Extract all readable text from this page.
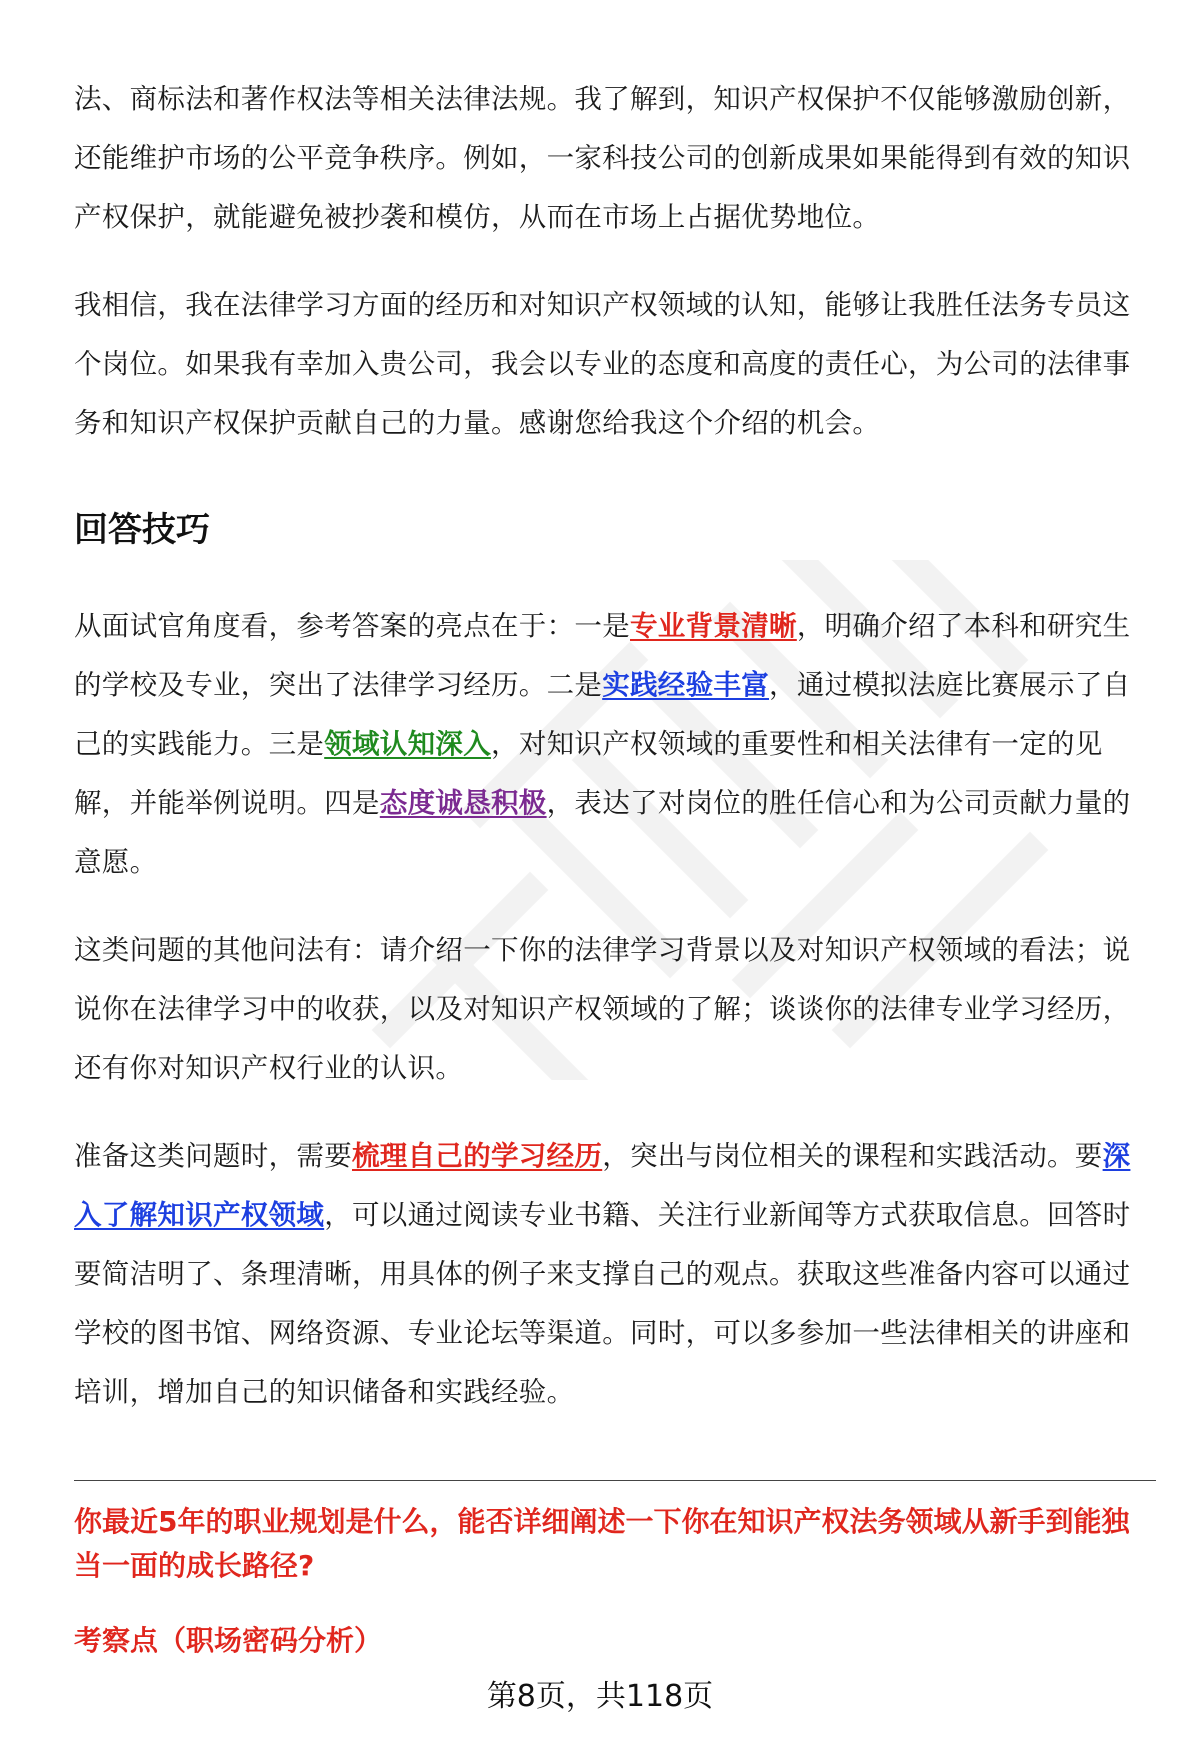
法、商标法和著作权法等相关法律法规。我了解到，知识产权保护不仅能够激励创新，还能维护市场的公平竞争秩序。例如，一家科技公司的创新成果如果能得到有效的知识产权保护，就能避免被抄袭和模仿，从而在市场上占据优势地位。

我相信，我在法律学习方面的经历和对知识产权领域的认知，能够让我胜任法务专员这个岗位。如果我有幸加入贵公司，我会以专业的态度和高度的责任心，为公司的法律事务和知识产权保护贡献自己的力量。感谢您给我这个介绍的机会。

回答技巧

从面试官角度看，参考答案的亮点在于：一是专业背景清晰，明确介绍了本科和研究生的学校及专业，突出了法律学习经历。二是实践经验丰富，通过模拟法庭比赛展示了自己的实践能力。三是领域认知深入，对知识产权领域的重要性和相关法律有一定的见解，并能举例说明。四是态度诚恳积极，表达了对岗位的胜任信心和为公司贡献力量的意愿。

这类问题的其他问法有：请介绍一下你的法律学习背景以及对知识产权领域的看法；说说你在法律学习中的收获，以及对知识产权领域的了解；谈谈你的法律专业学习经历，还有你对知识产权行业的认识。

准备这类问题时，需要梳理自己的学习经历，突出与岗位相关的课程和实践活动。要深入了解知识产权领域，可以通过阅读专业书籍、关注行业新闻等方式获取信息。回答时要简洁明了、条理清晰，用具体的例子来支撑自己的观点。获取这些准备内容可以通过学校的图书馆、网络资源、专业论坛等渠道。同时，可以多参加一些法律相关的讲座和培训，增加自己的知识储备和实践经验。

你最近5年的职业规划是什么，能否详细阐述一下你在知识产权法务领域从新手到能独当一面的成长路径?

考察点（职场密码分析）

第8页，共118页
